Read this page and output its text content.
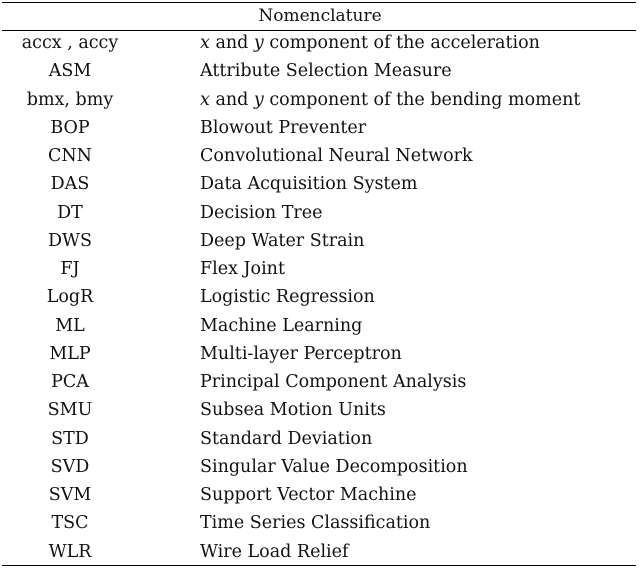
Nomenclature
accx , accy	x and y component of the acceleration
ASM	Attribute Selection Measure
bmx, bmy	x and y component of the bending moment
BOP	Blowout Preventer
CNN	Convolutional Neural Network
DAS	Data Acquisition System
DT	Decision Tree
DWS	Deep Water Strain
FJ	Flex Joint
LogR	Logistic Regression
ML	Machine Learning
MLP	Multi-layer Perceptron
PCA	Principal Component Analysis
SMU	Subsea Motion Units
STD	Standard Deviation
SVD	Singular Value Decomposition
SVM	Support Vector Machine
TSC	Time Series Classification
WLR	Wire Load Relief
